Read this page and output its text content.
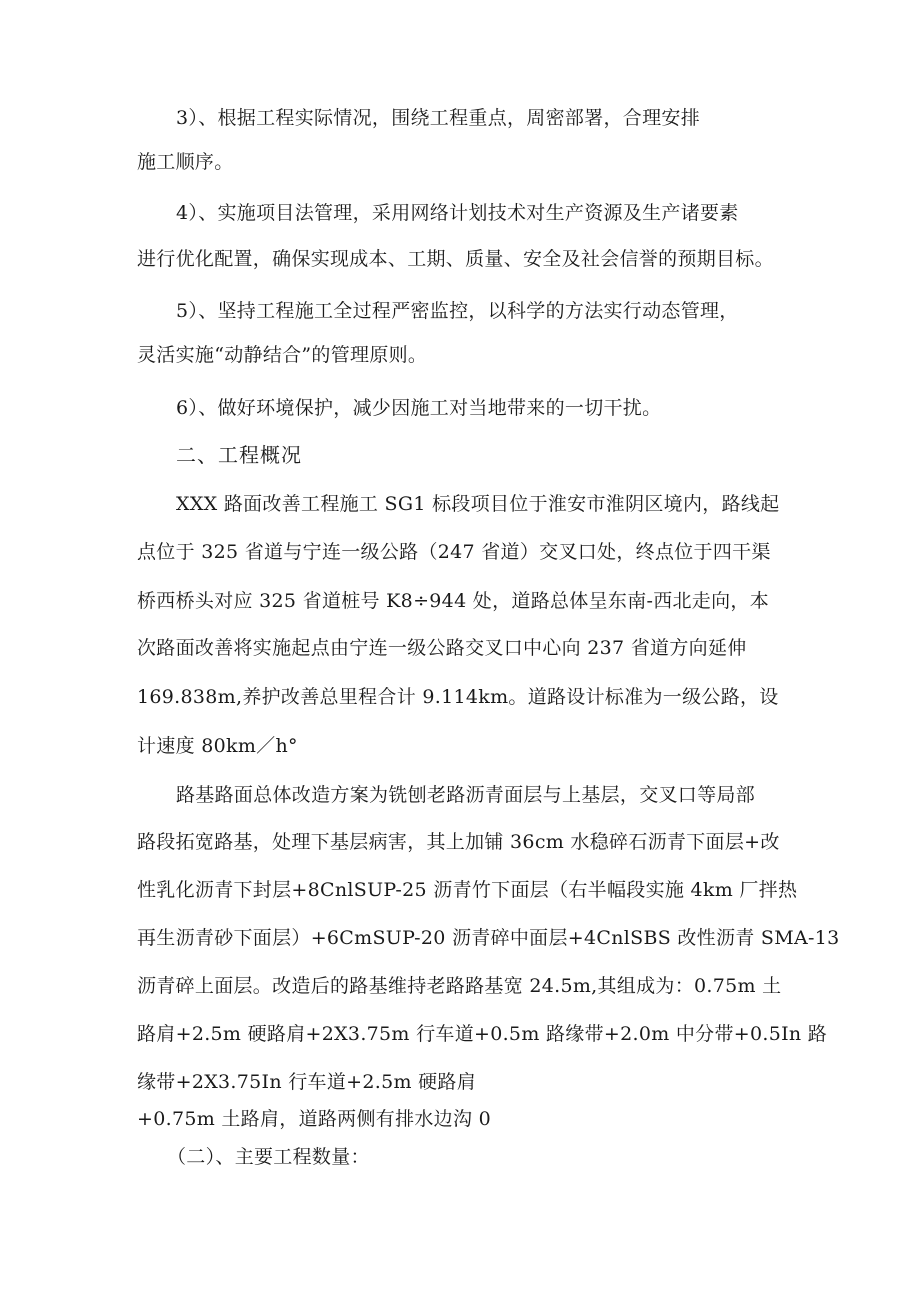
3）、根据工程实际情况，围绕工程重点，周密部署，合理安排
施工顺序。
4）、实施项目法管理，采用网络计划技术对生产资源及生产诸要素
进行优化配置，确保实现成本、工期、质量、安全及社会信誉的预期目标。
5）、坚持工程施工全过程严密监控，以科学的方法实行动态管理，
灵活实施“动静结合”的管理原则。
6）、做好环境保护，减少因施工对当地带来的一切干扰。
二、工程概况
XXX 路面改善工程施工 SG1 标段项目位于淮安市淮阴区境内，路线起
点位于 325 省道与宁连一级公路（247 省道）交叉口处，终点位于四干渠
桥西桥头对应 325 省道桩号 K8÷944 处，道路总体呈东南-西北走向，本
次路面改善将实施起点由宁连一级公路交叉口中心向 237 省道方向延伸
169.838m,养护改善总里程合计 9.114km。道路设计标准为一级公路，设
计速度 80km／h°
路基路面总体改造方案为铣刨老路沥青面层与上基层，交叉口等局部
路段拓宽路基，处理下基层病害，其上加铺 36cm 水稳碎石沥青下面层+改
性乳化沥青下封层+8CnlSUP-25 沥青竹下面层（右半幅段实施 4km 厂拌热
再生沥青砂下面层）+6CmSUP-20 沥青碎中面层+4CnlSBS 改性沥青 SMA-13
沥青碎上面层。改造后的路基维持老路路基宽 24.5m,其组成为：0.75m 土
路肩+2.5m 硬路肩+2X3.75m 行车道+0.5m 路缘带+2.0m 中分带+0.5In 路
缘带+2X3.75In 行车道+2.5m 硬路肩
+0.75m 土路肩，道路两侧有排水边沟 0
（二）、主要工程数量：
